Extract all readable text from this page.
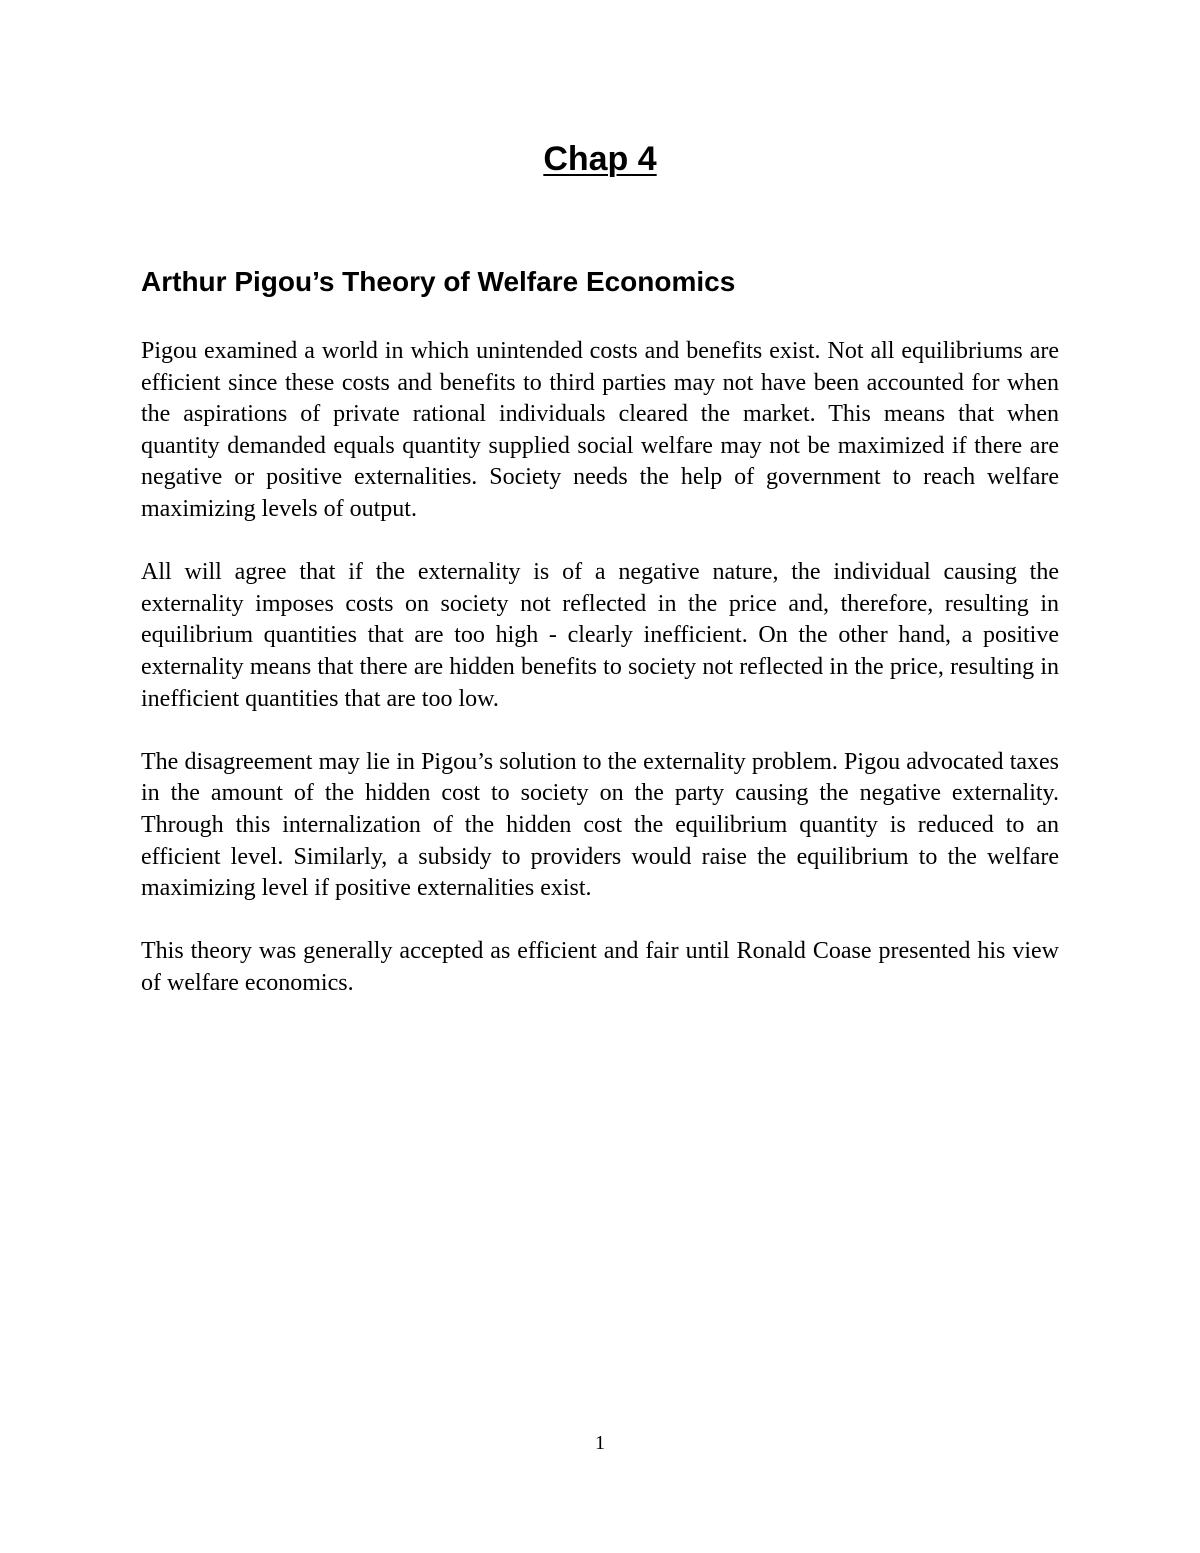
Chap 4
Arthur Pigou’s Theory of Welfare Economics

Pigou examined a world in which unintended costs and benefits exist. Not all equilibriums are efficient since these costs and benefits to third parties may not have been accounted for when the aspirations of private rational individuals cleared the market. This means that when quantity demanded equals quantity supplied social welfare may not be maximized if there are negative or positive externalities. Society needs the help of government to reach welfare maximizing levels of output.

All will agree that if the externality is of a negative nature, the individual causing the externality imposes costs on society not reflected in the price and, therefore, resulting in equilibrium quantities that are too high - clearly inefficient. On the other hand, a positive externality means that there are hidden benefits to society not reflected in the price, resulting in inefficient quantities that are too low.

The disagreement may lie in Pigou’s solution to the externality problem. Pigou advocated taxes in the amount of the hidden cost to society on the party causing the negative externality. Through this internalization of the hidden cost the equilibrium quantity is reduced to an efficient level. Similarly, a subsidy to providers would raise the equilibrium to the welfare maximizing level if positive externalities exist.

This theory was generally accepted as efficient and fair until Ronald Coase presented his view of welfare economics.

1
